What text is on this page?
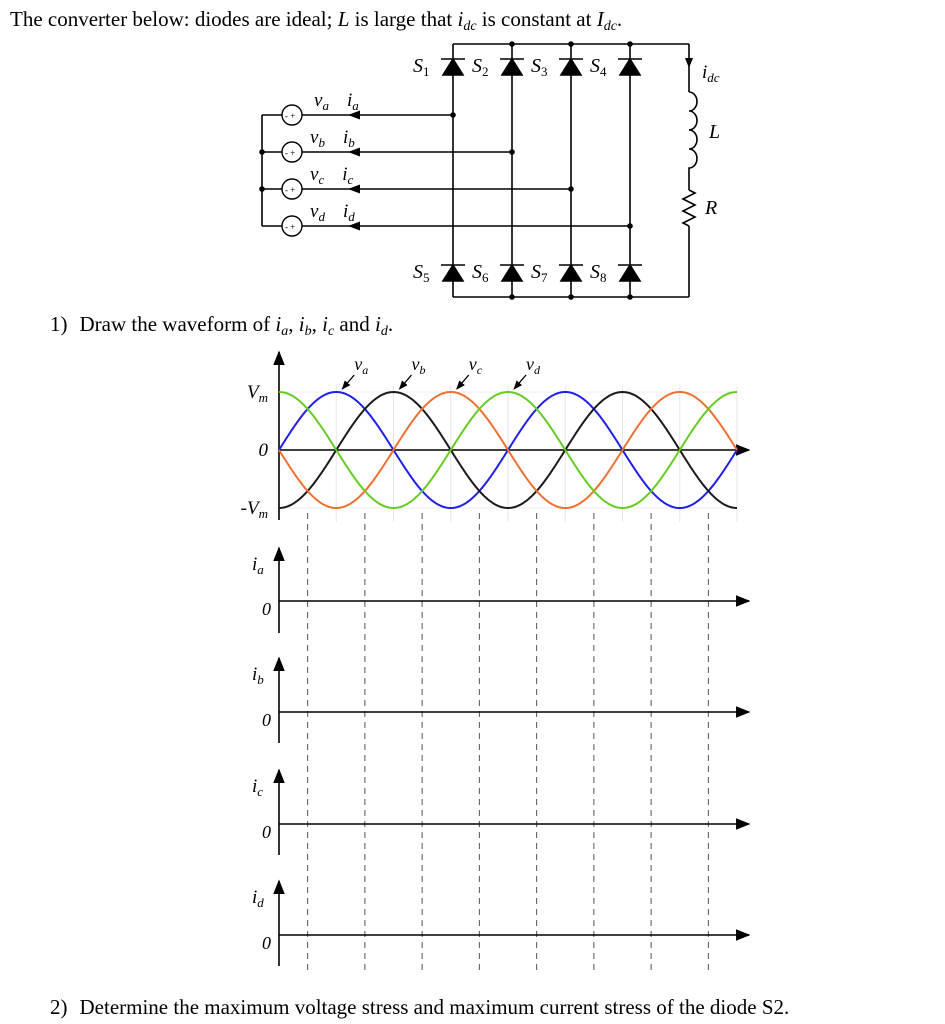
The converter below: diodes are ideal; L is large that idc is constant at Idc.
- +
- +
- +
- +
$v_a$ $i_a$
$v_b$ $i_b$
$v_c$ $i_c$
$v_d$ $i_d$
$S_1$ $S_2$ $S_3$ $S_4$
$S_5$ $S_6$ $S_7$ $S_8$
$i_{dc}$
L
R
1) Draw the waveform of ia, ib, ic and id.
$V_m$
0
$-V_m$
$v_a$ $v_b$ $v_c$ $v_d$
$i_a$
0
$i_b$
0
$i_c$
0
$i_d$
0
2) Determine the maximum voltage stress and maximum current stress of the diode S2.
